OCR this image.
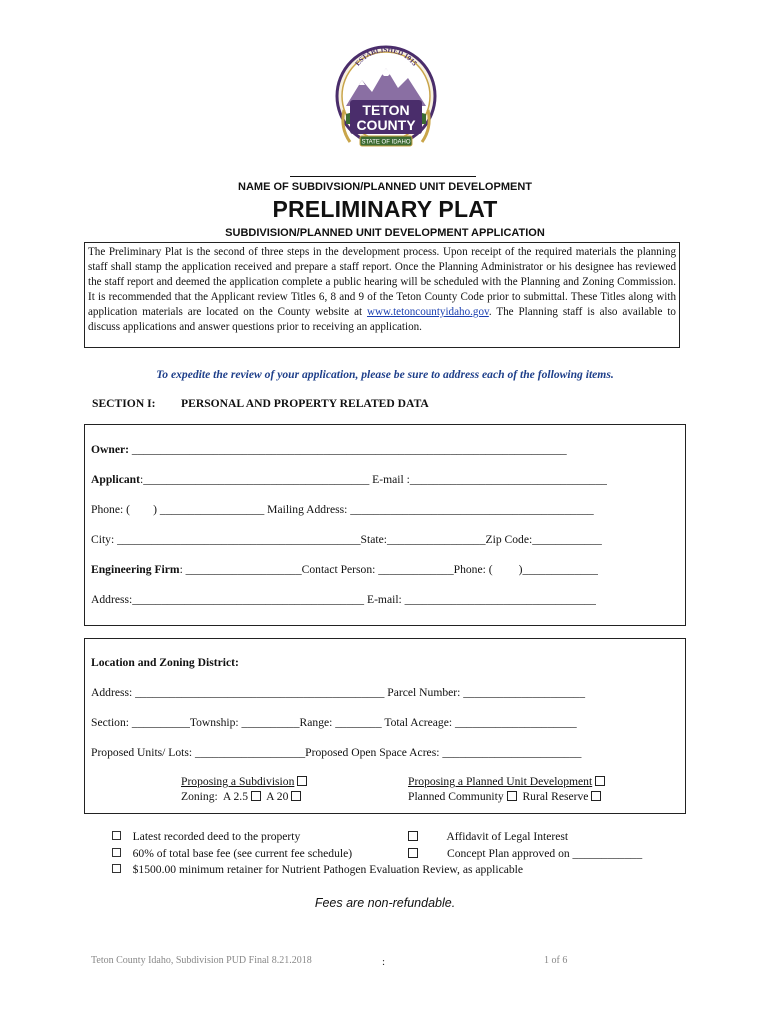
ESTABLISHED 1915
TETON
COUNTY
STATE OF IDAHO
NAME OF SUBDIVSION/PLANNED UNIT DEVELOPMENT
PRELIMINARY PLAT
SUBDIVISION/PLANNED UNIT DEVELOPMENT APPLICATION

The Preliminary Plat is the second of three steps in the development process. Upon receipt of the required materials the planning staff shall stamp the application received and prepare a staff report. Once the Planning Administrator or his designee has reviewed the staff report and deemed the application complete a public hearing will be scheduled with the Planning and Zoning Commission. It is recommended that the Applicant review Titles 6, 8 and 9 of the Teton County Code prior to submittal. These Titles along with application materials are located on the County website at www.tetoncountyidaho.gov. The Planning staff is also available to discuss applications and answer questions prior to receiving an application.

To expedite the review of your application, please be sure to address each of the following items.
SECTION I: PERSONAL AND PROPERTY RELATED DATA
Owner: ___________________________________________________________________________
Applicant:_______________________________________ E-mail :__________________________________
Phone: (        ) __________________ Mailing Address: __________________________________________
City: __________________________________________State:_________________Zip Code:____________
Engineering Firm: ____________________Contact Person: _____________Phone: (         )_____________
Address:________________________________________ E-mail: _________________________________
Location and Zoning District:
Address: ___________________________________________ Parcel Number: _____________________
Section: __________Township: __________Range: ________ Total Acreage: _____________________
Proposed Units/ Lots: ___________________Proposed Open Space Acres: ________________________
Proposing a Subdivision
Zoning:  A 2.5 A 20
Proposing a Planned Unit Development
Planned Community Rural Reserve
Latest recorded deed to the property
60% of total base fee (see current fee schedule)
$1500.00 minimum retainer for Nutrient Pathogen Evaluation Review, as applicable
Affidavit of Legal Interest
Concept Plan approved on ____________
Fees are non-refundable.
Teton County Idaho, Subdivision PUD Final 8.21.2018	:	1 of 6
